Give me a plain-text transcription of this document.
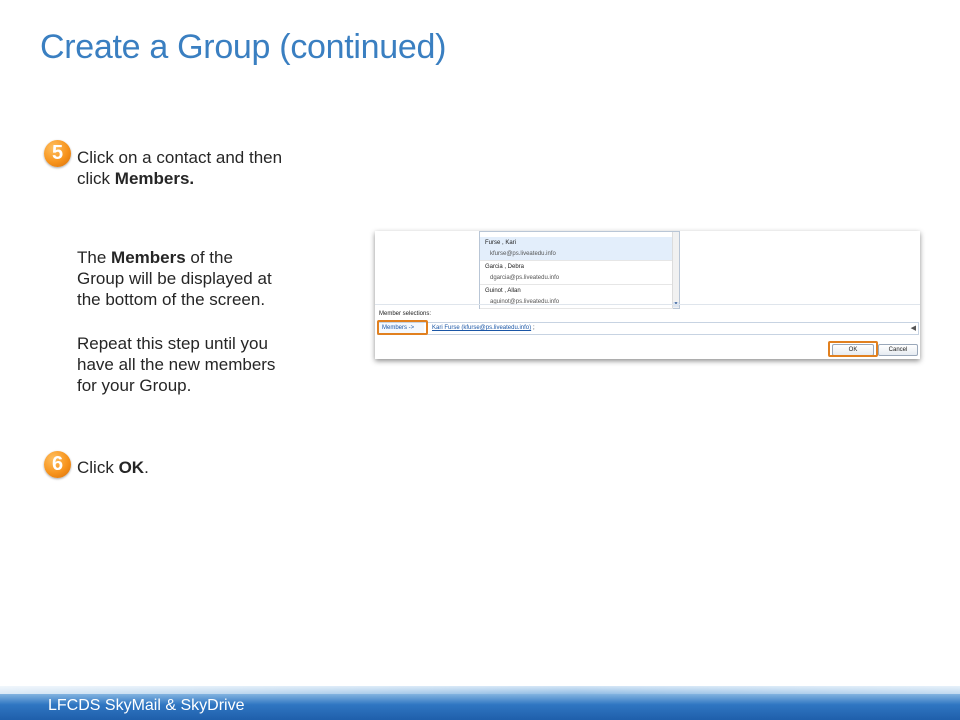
Create a Group (continued)
5 Click on a contact and then
click Members.
The Members of the
Group will be displayed at
the bottom of the screen.
Repeat this step until you
have all the new members
for your Group.
6 Click OK.
Furse , Kari
kfurse@ps.liveatedu.info
Garcia , Debra
dgarcia@ps.liveatedu.info
Guinot , Allan
aguinot@ps.liveatedu.info	▼
Member selections:
Members ->	Kari Furse (kfurse@ps.liveatedu.info) ;	◀
OK	Cancel
LFCDS SkyMail & SkyDrive
